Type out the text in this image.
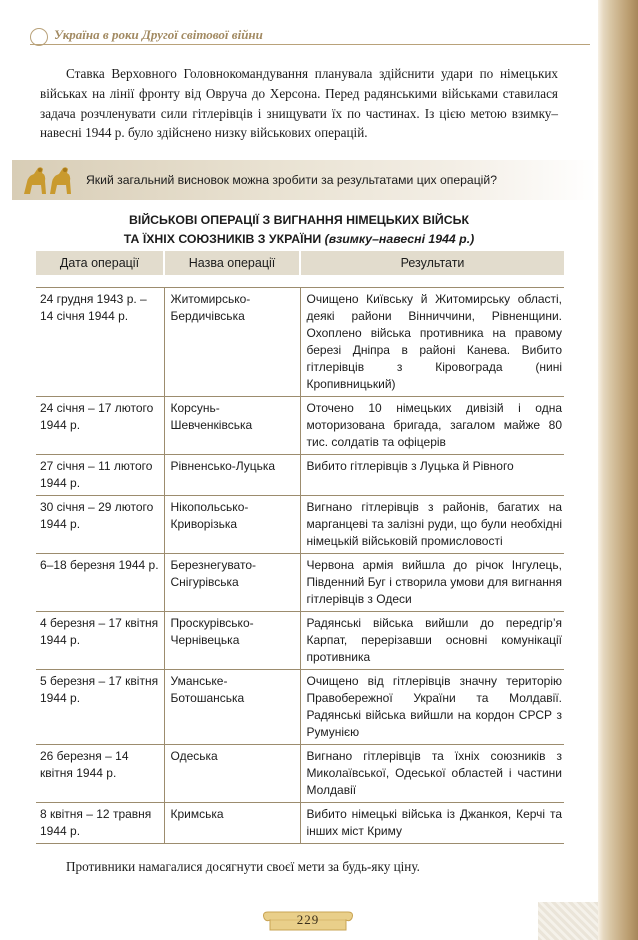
Україна в роки Другої світової війни

Ставка Верховного Головнокомандування планувала здійснити удари по німецьких військах на лінії фронту від Овруча до Херсона. Перед радянськими військами ставилася задача розчленувати сили гітлерівців і знищувати їх по частинах. Із цією метою взимку–навесні 1944 р. було здійснено низку військових операцій.

Який загальний висновок можна зробити за результатами цих операцій?
ВІЙСЬКОВІ ОПЕРАЦІЇ З ВИГНАННЯ НІМЕЦЬКИХ ВІЙСЬК
ТА ЇХНІХ СОЮЗНИКІВ З УКРАЇНИ (взимку–навесні 1944 р.)
Дата операції	Назва операції	Результати

24 грудня 1943 р. – 14 січня 1944 р.	Житомирсько-Бердичівська	Очищено Київську й Житомирську області, деякі райони Вінниччини, Рівненщини. Охоплено війська противника на правому березі Дніпра в районі Канева. Вибито гітлерівців з Кіровограда (нині Кропивницький)
24 січня – 17 лютого 1944 р.	Корсунь-Шевченківська	Оточено 10 німецьких дивізій і одна моторизована бригада, загалом майже 80 тис. солдатів та офіцерів
27 січня – 11 лютого 1944 р.	Рівненсько-Луцька	Вибито гітлерівців з Луцька й Рівного
30 січня – 29 лютого 1944 р.	Нікопольсько-Криворізька	Вигнано гітлерівців з районів, багатих на марганцеві та залізні руди, що були необхідні німецькій військовій промисловості
6–18 березня 1944 р.	Березнегувато-Снігурівська	Червона армія вийшла до річок Інгулець, Південний Буг і створила умови для вигнання гітлерівців з Одеси
4 березня – 17 квітня 1944 р.	Проскурівсько-Чернівецька	Радянські війська вийшли до передгір’я Карпат, перерізавши основні комунікації противника
5 березня – 17 квітня 1944 р.	Уманське-Ботошанська	Очищено від гітлерівців значну територію Правобережної України та Молдавії. Радянські війська вийшли на кордон СРСР з Румунією
26 березня – 14 квітня 1944 р.	Одеська	Вигнано гітлерівців та їхніх союзників з Миколаївської, Одеської областей і частини Молдавії
8 квітня – 12 травня 1944 р.	Кримська	Вибито німецькі війська із Джанкоя, Керчі та інших міст Криму

Противники намагалися досягнути своєї мети за будь-яку ціну.

229
